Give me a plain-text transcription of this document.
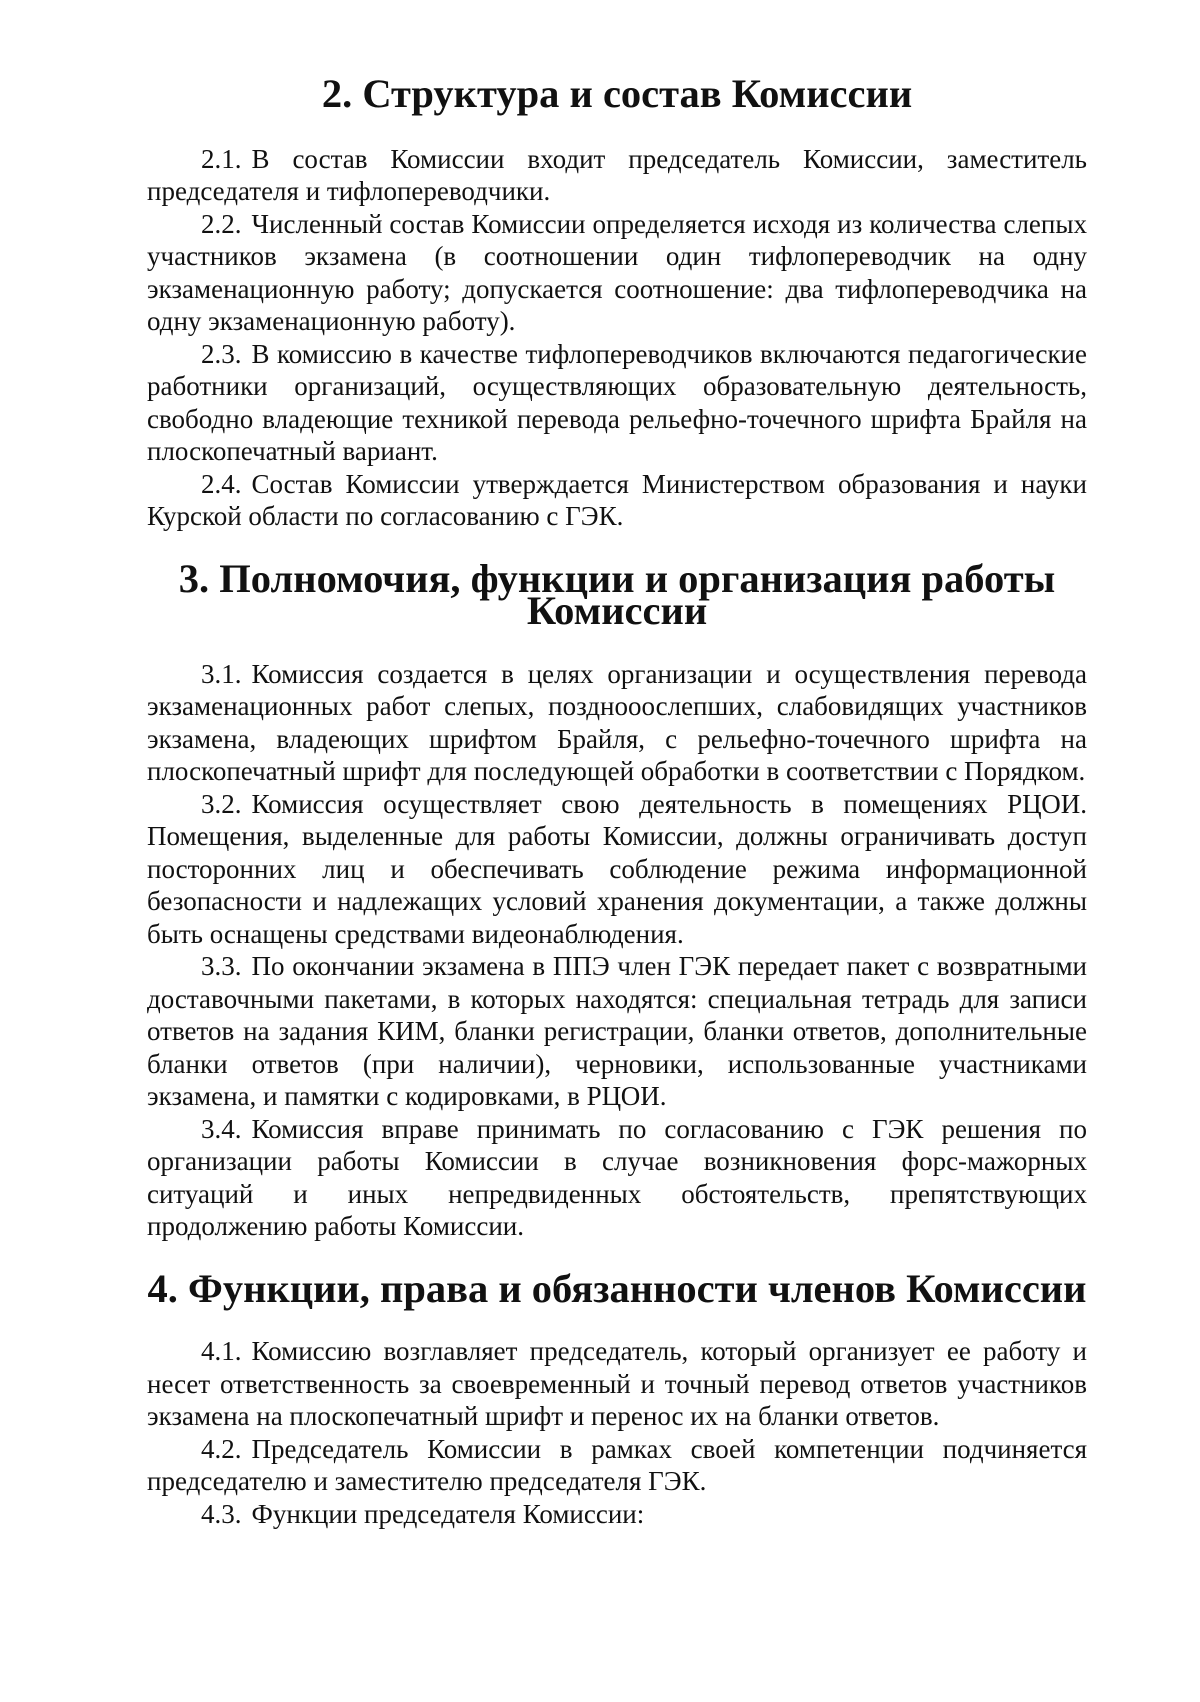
2. Структура и состав Комиссии

2.1. В состав Комиссии входит председатель Комиссии, заместитель председателя и тифлопереводчики.

2.2. Численный состав Комиссии определяется исходя из количества слепых участников экзамена (в соотношении один тифлопереводчик на одну экзаменационную работу; допускается соотношение: два тифлопереводчика на одну экзаменационную работу).

2.3. В комиссию в качестве тифлопереводчиков включаются педагогические работники организаций, осуществляющих образовательную деятельность, свободно владеющие техникой перевода рельефно-точечного шрифта Брайля на плоскопечатный вариант.

2.4. Состав Комиссии утверждается Министерством образования и науки Курской области по согласованию с ГЭК.

3. Полномочия, функции и организация работы Комиссии

3.1. Комиссия создается в целях организации и осуществления перевода экзаменационных работ слепых, позднооослепших, слабовидящих участников экзамена, владеющих шрифтом Брайля, с рельефно-точечного шрифта на плоскопечатный шрифт для последующей обработки в соответствии с Порядком.

3.2. Комиссия осуществляет свою деятельность в помещениях РЦОИ. Помещения, выделенные для работы Комиссии, должны ограничивать доступ посторонних лиц и обеспечивать соблюдение режима информационной безопасности и надлежащих условий хранения документации, а также должны быть оснащены средствами видеонаблюдения.

3.3. По окончании экзамена в ППЭ член ГЭК передает пакет с возвратными доставочными пакетами, в которых находятся: специальная тетрадь для записи ответов на задания КИМ, бланки регистрации, бланки ответов, дополнительные бланки ответов (при наличии), черновики, использованные участниками экзамена, и памятки с кодировками, в РЦОИ.

3.4. Комиссия вправе принимать по согласованию с ГЭК решения по организации работы Комиссии в случае возникновения форс-мажорных ситуаций и иных непредвиденных обстоятельств, препятствующих продолжению работы Комиссии.

4. Функции, права и обязанности членов Комиссии

4.1. Комиссию возглавляет председатель, который организует ее работу и несет ответственность за своевременный и точный перевод ответов участников экзамена на плоскопечатный шрифт и перенос их на бланки ответов.

4.2. Председатель Комиссии в рамках своей компетенции подчиняется председателю и заместителю председателя ГЭК.

4.3. Функции председателя Комиссии:
